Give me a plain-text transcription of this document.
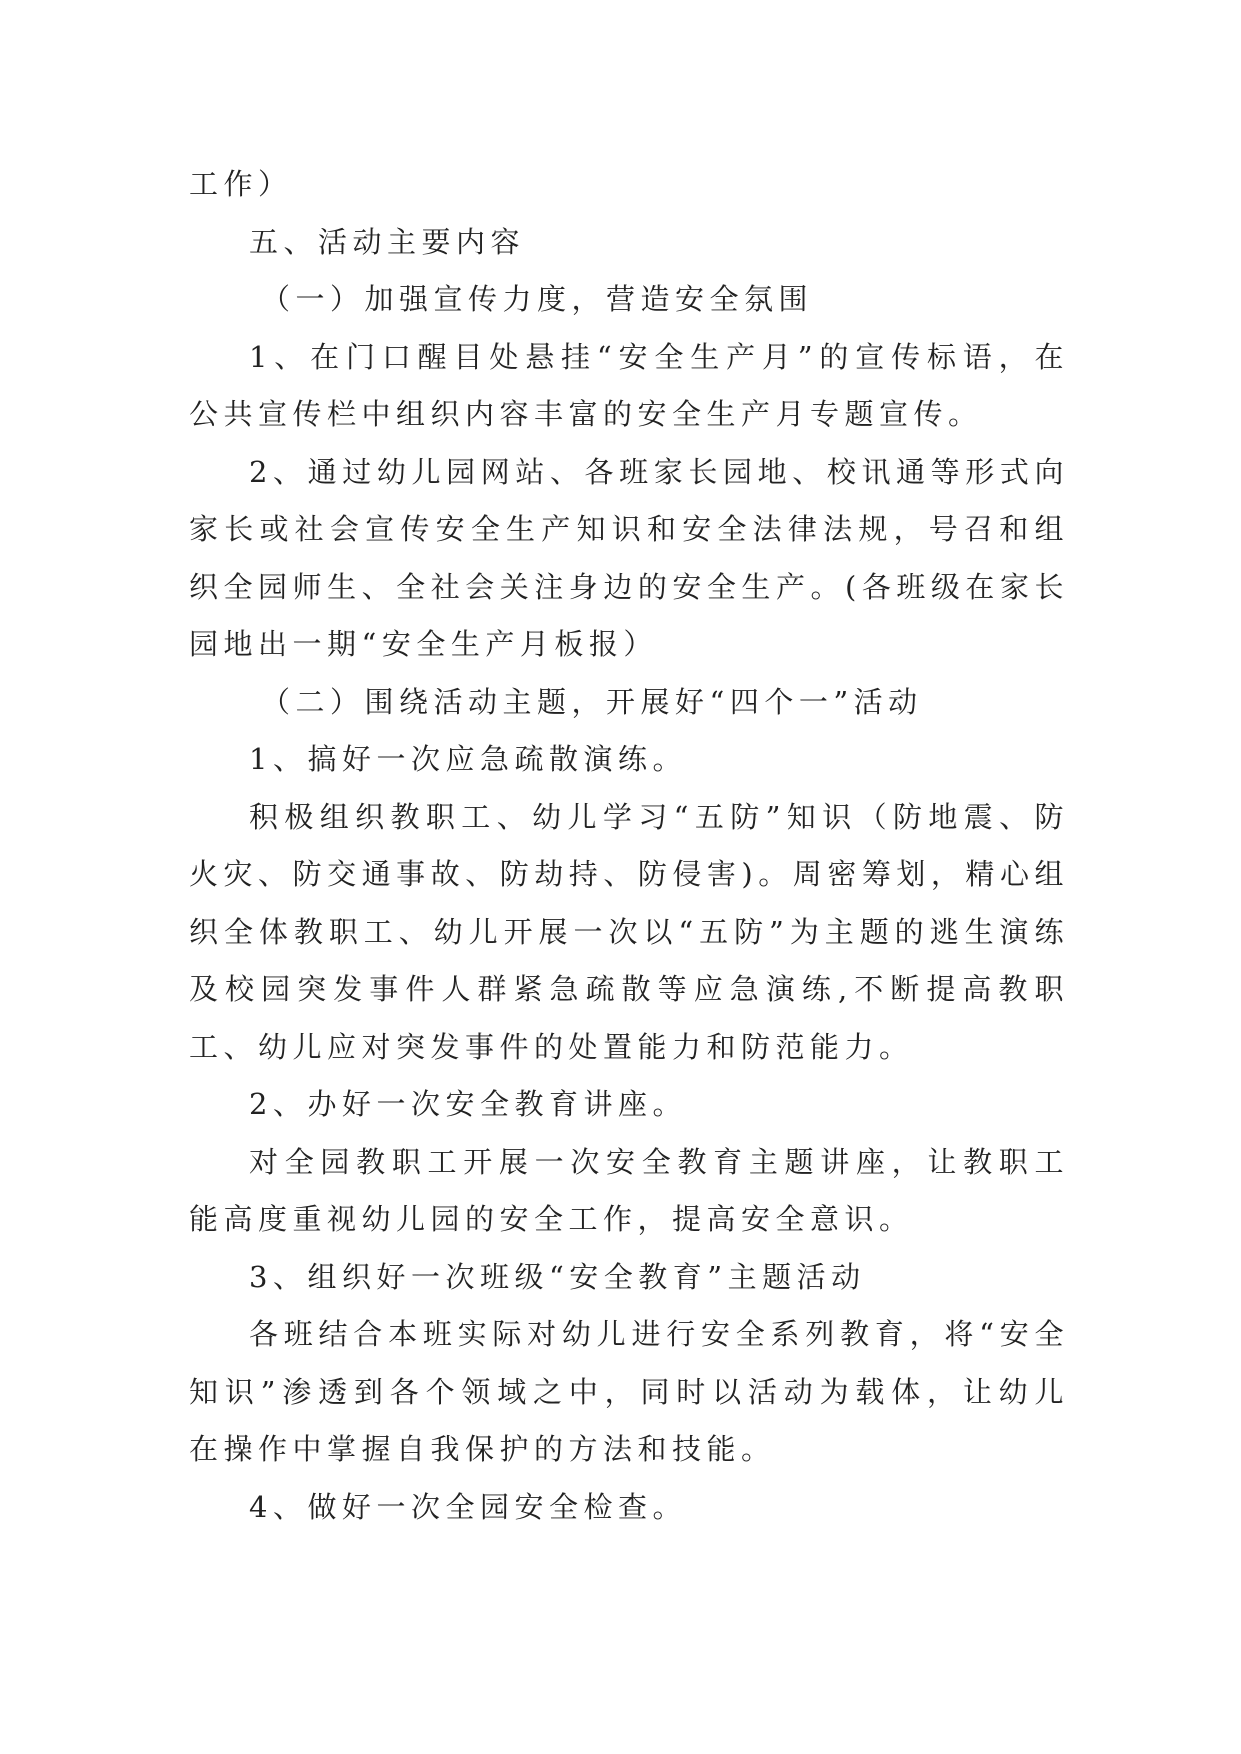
工作）

五、活动主要内容

（一）加强宣传力度，营造安全氛围

1、在门口醒目处悬挂“安全生产月”的宣传标语，在公共宣传栏中组织内容丰富的安全生产月专题宣传。

2、通过幼儿园网站、各班家长园地、校讯通等形式向家长或社会宣传安全生产知识和安全法律法规，号召和组织全园师生、全社会关注身边的安全生产。(各班级在家长园地出一期“安全生产月板报）

（二）围绕活动主题，开展好“四个一”活动

1、搞好一次应急疏散演练。

积极组织教职工、幼儿学习“五防”知识（防地震、防火灾、防交通事故、防劫持、防侵害)。周密筹划，精心组织全体教职工、幼儿开展一次以“五防”为主题的逃生演练及校园突发事件人群紧急疏散等应急演练,不断提高教职工、幼儿应对突发事件的处置能力和防范能力。

2、办好一次安全教育讲座。

对全园教职工开展一次安全教育主题讲座，让教职工能高度重视幼儿园的安全工作，提高安全意识。

3、组织好一次班级“安全教育”主题活动

各班结合本班实际对幼儿进行安全系列教育，将“安全知识”渗透到各个领域之中，同时以活动为载体，让幼儿在操作中掌握自我保护的方法和技能。

4、做好一次全园安全检查。
